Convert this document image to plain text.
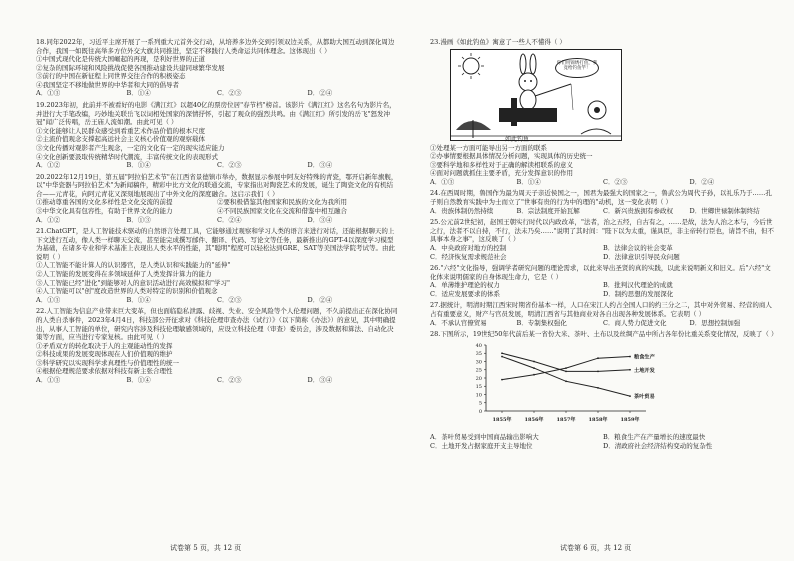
18.同年2022年，习近平主席开展了一系列重大元首外交行动，从培养多边外交到引领双边关系，从都助大国互动到深化周边合作，我国一如既往高举多方位外交大旗共同推进，坚定不移践行人类命运共同体理念。这体现出（ ）

①中国式现代化是传统大国崛起的再现，是利好世界的正道

②复杂的国际环境和风险挑战促使各国推动建设共建同球繁华发展

③前行的中国在新征程上同世界交往合作的积极姿态

④我国坚定不移地做世界的中华者和大同的倡导者

A．①③	B．①④	C．②③	D．②④

19.2023年初，此前并不被看好的电影《满江红》以超40亿的票房位居"春节档"榜首。该影片《满江红》这名名句为影片名，并进行大手笔改编，巧妙地关联岳飞以词相处国家的深情抒怀，引起了观众的强烈共鸣。由《满江红》所引发的岳飞"怒发冲冠"闻广泛传唱，岳王庙人流如潮。由此可见（ ）

①文化能够让人民群众感受到看重艺术作品价值的根本尺度

②主流价值观念支撑起高远社会主义核心价值观的观察载体

③文化传播对观影者产生观念，一定的文化有一定的现实适应能力

④文化创新要汲取传统精华时代潮流，丰富传统文化的表现形式

A．①②	B．①④	C．②③	D．③④

20.2022年12月19日，第五届"阿拉伯艺术节"在江西省景德镇市举办，数据显示参展中阿友好特殊的青瓷，鄂开启新年旗舰，以"中华瓷器与阿拉伯艺术"为新闻稿件，精彩中比方文化的联通交流，专家指出对陶瓷艺术的发展，诞生了陶瓷文化的有机结合——元青花，向阿元青花又深刻地展现出了中外文化的深度融合。这启示我们（ ）

①推动尊重各国的文化多样性是文化交流的前提	②要积极借鉴其他国家和民族的文化为我所用
③中华文化具有包容性，有助于世界文化的能力	④不同民族国家文化在交流和借鉴中相互融合
A．①②	B．①③	C．②④	D．③④

21.ChatGPT，是人工智能技术驱动的自然语言处理工具，它能够通过观察和学习人类的语言来进行对话，还能根据聊天的上下文进行互动，像人类一样聊天交流，甚至能完成撰写邮件、翻译、代码、写论文等任务，最新推出的GPT-4以深度学习模型为基础，在诸多专业和学术基准上表现出人类水平的性能，其"聪明"程度可以轻松达到GRE、SAT等美国法学院考试等。由此说明（ ）

①人工智能不能计算人的认识器官，是人类认识和实践能力的"延伸"

②人工智能的发展变得在多领域延伸了人类发挥计算力的能力

③人工智能已经"进化"到能够对人的意识活动进行高效模拟和"学习"

④人工智能可以"创"度改造世界的人类对特定的识别和价值观念

A．①③	B．①④	C．②③	D．②④

22.人工智能为信息产业带来巨大变革，但也面临隐私泄露、歧视、失业、安全风险等个人伦理问题，不久前提出正在深化协同的人类自杀事件，2023年4月4日，科技部公开征求对《科技伦理审查办法（试行）》（以下简称《办法》）的意见，其中明确提出，从事人工智能的单位，研究内容涉及科技伦理敏感领域的，应设立科技伦理（审查）委员会，涉及数据和算法、自动化决策等方面，应当进行专家复核。由此可见（ ）

①矛盾双方的转化取决于人的主观能动性的发挥

②科技成果的发展变现体现在人们价值观的维护

③科学研究以实现科学求真理性与价值理性的统一

④根据伦理规范要求依据对科技有新主张合理性

A．①③	B．①④	C．②③	D．③④

23.漫画《如此钓鱼》寓意了一些人不懂得（ ）

你们用锦绣打鱼，我竟给钓鱼竿！
如此钓鱼

①处理某一方面可能导出另一方面的联系

②办事情要根据具体情况分析问题，实现具体的历史统一

③要科学地和多样性对于正确的解读相联系的意义

④面对问题就抓住主要矛盾，充分发挥意识的作用

A．①③	B．①④	C．②③	D．②④

24.在西周时期，鲁国作为最为周天子亲近侯国之一，国君为最强大的国家之一，鲁武公为周代子孙，以礼乐乃于……孔子则自然教育实践中为士而立了"世事有贵的行为中的理的"动机，这一变化表明（ ）

A．贵族体制仍然持续	B．宗法制度开始瓦解	C．新兴贵族拥有参政权	D．世卿世禄制体制终结

25.公元前2世纪初，赵国王朝实行时代以内政改革，"法者，治之五经，自古有之，……是故，法为人治之本与，今后世之行，法者不以自持，不行，法未乃矣……"说明了其时间："陛下以为太重，谨具臣，非主帝转行臣也，请旨不由，但不具事本身之事"，这反映了（ ）

A．中央政府对地方的控制	B．法律会议的社会变革
C．经济恢复需求规范社会	D．法律意识引导民众问题

26."六经"文化指导，强调学者研究问题的理论需求，以此来导出圣贤的真的实践，以此来说明新义和旧义。后"六经"文化体来说明儒家的自身体现生命力，它是（ ）

A．单薄维护理论的权力	B．批判汉代理论的成就
C．适应发展要求的体系	D．制约思想的发展深化

27.据统计，明清时期江西宋时期省份基本一样，人口在宋江人约占全国人口的约三分之二，其中对外贸易、经营的商人占有重要意义，财产与官员发展，明清江西省与其他商业对各自出现各种发展体系。它表明（ ）

A．不承认官僚贸易	B．专制集权强化	C．商人势力促进文化	D．思想控制加强

28.下图所示，19世纪50年代前后某一省份大米、茶叶、土布以及丝绸产品中所占各年份比重关系变化情况，反映了（ ）

0
5
10
15
20
25
30
35
40
1855年	1856年	1857年	1858年	1859年
粮食生产
土地开发
茶叶贸易
A．茶叶贸易受到中国商品输出影响大	B．粮食生产在产量增长的速度最快
C．土地开发占据家庭开支主导地位	D．清政府社会经济结构变动的复杂性
试卷第 5 页，共 12 页	试卷第 6 页，共 12 页
